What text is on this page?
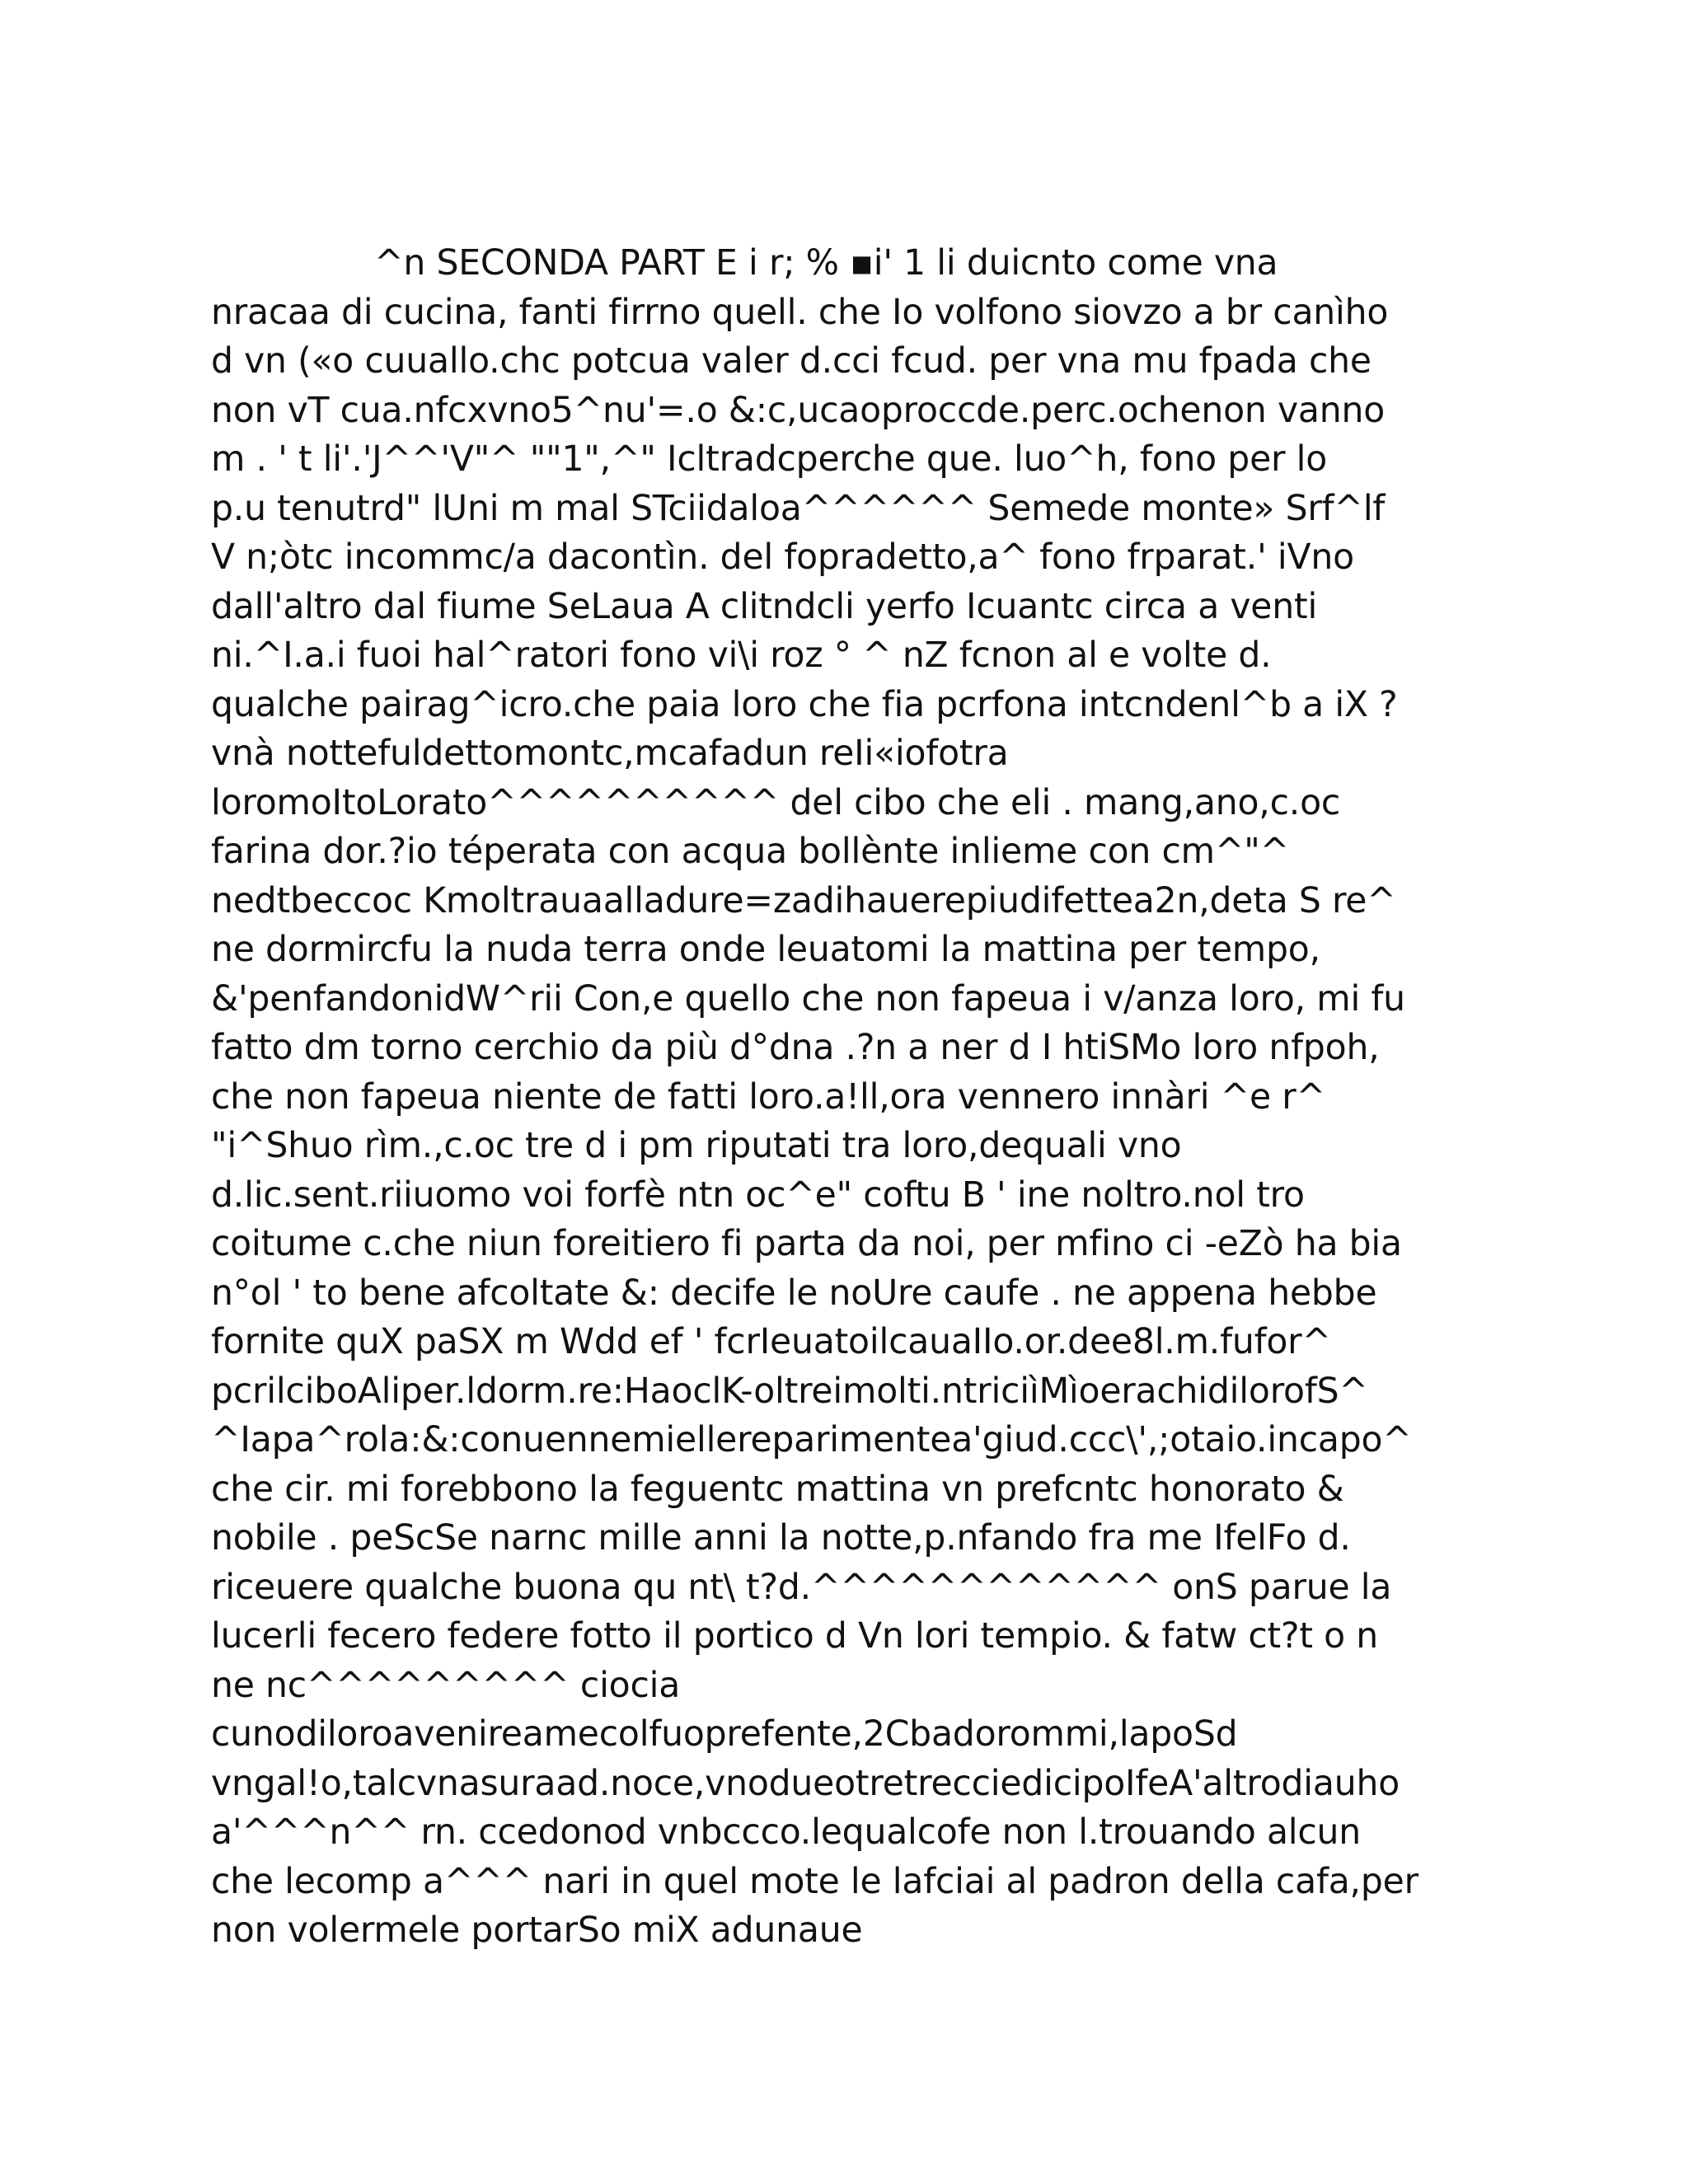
^n SECONDA PART E i r; % ▪i' 1 li duicnto come vna
nracaa di cucina, fanti firrno quell. che Io volfono siovzo a br canìho
d vn («o cuuallo.chc potcua valer d.cci fcud. per vna mu fpada che
non vT cua.nfcxvno5^nu'=.o &:c,ucaoproccde.perc.ochenon vanno
m . ' t li'.'J^^'V"^ ""1",^" Icltradcperche que. luo^h, fono per lo
p.u tenutrd" lUni m mal STciidaloa^^^^^^ Semede monte» Srf^lf
V n;òtc incommc/a dacontìn. del fopradetto,a^ fono frparat.' iVno
dall'altro dal fiume SeLaua A clitndcli yerfo Icuantc circa a venti
ni.^I.a.i fuoi hal^ratori fono vi\i roz ° ^ nZ fcnon al e volte d.
qualche pairag^icro.che paia loro che fia pcrfona intcndenl^b a iX ?
vnà nottefuldettomontc,mcafadun reIi«iofotra
loromoItoLorato^^^^^^^^^^ del cibo che eli . mang,ano,c.oc
farina dor.?io téperata con acqua bollènte inlieme con cm^"^
nedtbeccoc Kmoltrauaalladure=zadihauerepiudifettea2n,deta S re^
ne dormircfu la nuda terra onde leuatomi la mattina per tempo,
&'penfandonidW^rii Con,e quello che non fapeua i v/anza loro, mi fu
fatto dm torno cerchio da più d°dna .?n a ner d I htiSMo loro nfpoh,
che non fapeua niente de fatti loro.a!ll,ora vennero innàri ^e r^
"i^Shuo rìm.,c.oc tre d i pm riputati tra loro,dequali vno
d.lic.sent.riiuomo voi forfè ntn oc^e" coftu B ' ine noltro.nol tro
coitume c.che niun foreitiero fi parta da noi, per mfino ci -eZò ha bia
n°ol ' to bene afcoltate &: decife le noUre caufe . ne appena hebbe
fornite quX paSX m Wdd ef ' fcrIeuatoilcauaIIo.or.dee8l.m.fufor^
pcrilciboAliper.ldorm.re:HaoclK-oltreimolti.ntriciìMìoerachidilorofS^
^Iapa^rola:&:conuennemiellereparimentea'giud.ccc\',;otaio.incapo^
che cir. mi forebbono la feguentc mattina vn prefcntc honorato &
nobile . peScSe narnc mille anni la notte,p.nfando fra me IfelFo d.
riceuere qualche buona qu nt\ t?d.^^^^^^^^^^^^ onS parue la
lucerli fecero federe fotto il portico d Vn lori tempio. & fatw ct?t o n
ne nc^^^^^^^^^ ciocia
cunodiloroavenireamecolfuoprefente,2Cbadorommi,lapoSd
vngal!o,talcvnasuraad.noce,vnodueotretrecciedicipoIfeA'altrodiauho
a'^^^n^^ rn. ccedonod vnbccco.lequalcofe non l.trouando alcun
che lecomp a^^^ nari in quel mote le lafciai al padron della cafa,per
non volermele portarSo miX adunaue
